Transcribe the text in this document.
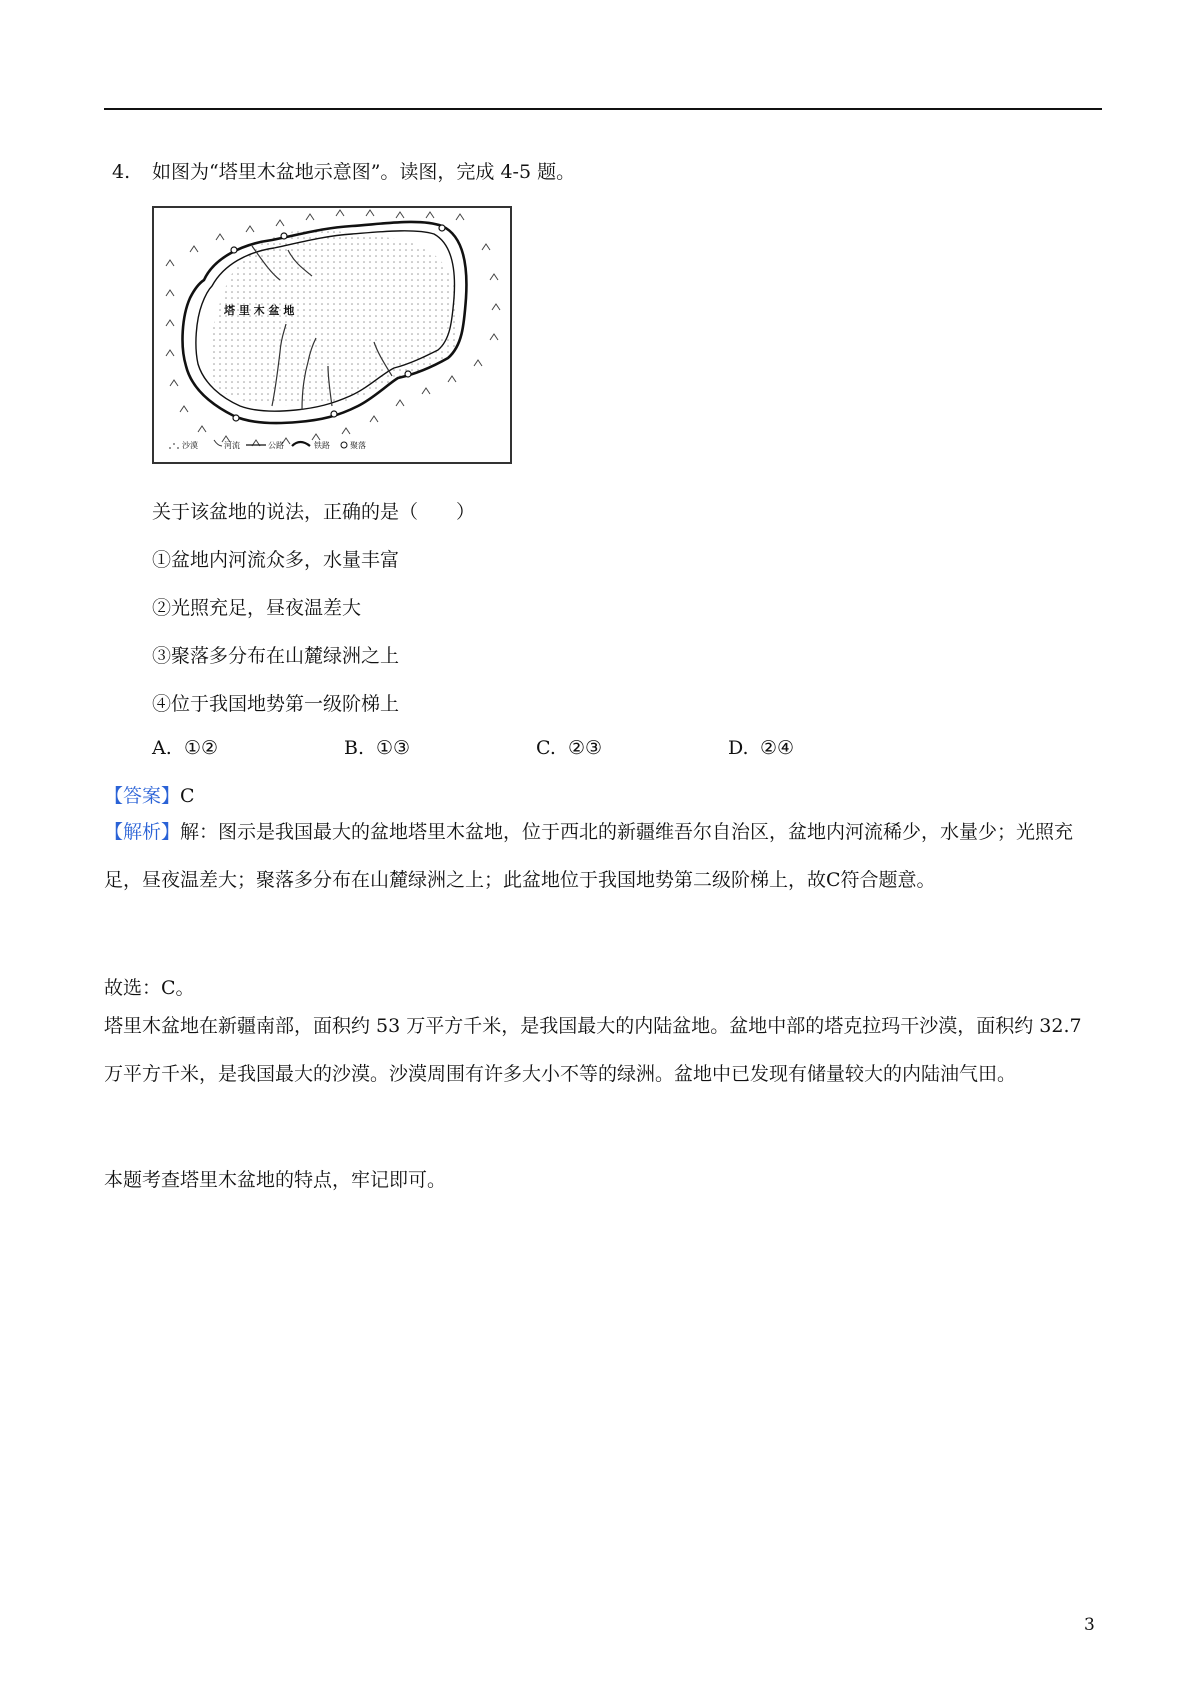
4. 如图为“塔里木盆地示意图”。读图，完成 4-5 题。
塔 里 木 盆 地
沙漠	河流	公路	铁路	聚落
关于该盆地的说法，正确的是（　　）
①盆地内河流众多，水量丰富
②光照充足，昼夜温差大
③聚落多分布在山麓绿洲之上
④位于我国地势第一级阶梯上
A. ①②	B. ①③	C. ②③	D. ②④
【答案】C
【解析】解：图示是我国最大的盆地塔里木盆地，位于西北的新疆维吾尔自治区，盆地内河流稀少，水量少；光照充足，昼夜温差大；聚落多分布在山麓绿洲之上；此盆地位于我国地势第二级阶梯上，故C符合题意。
故选：C。
塔里木盆地在新疆南部，面积约 53 万平方千米，是我国最大的内陆盆地。盆地中部的塔克拉玛干沙漠，面积约 32.7 万平方千米，是我国最大的沙漠。沙漠周围有许多大小不等的绿洲。盆地中已发现有储量较大的内陆油气田。
本题考查塔里木盆地的特点，牢记即可。
3
